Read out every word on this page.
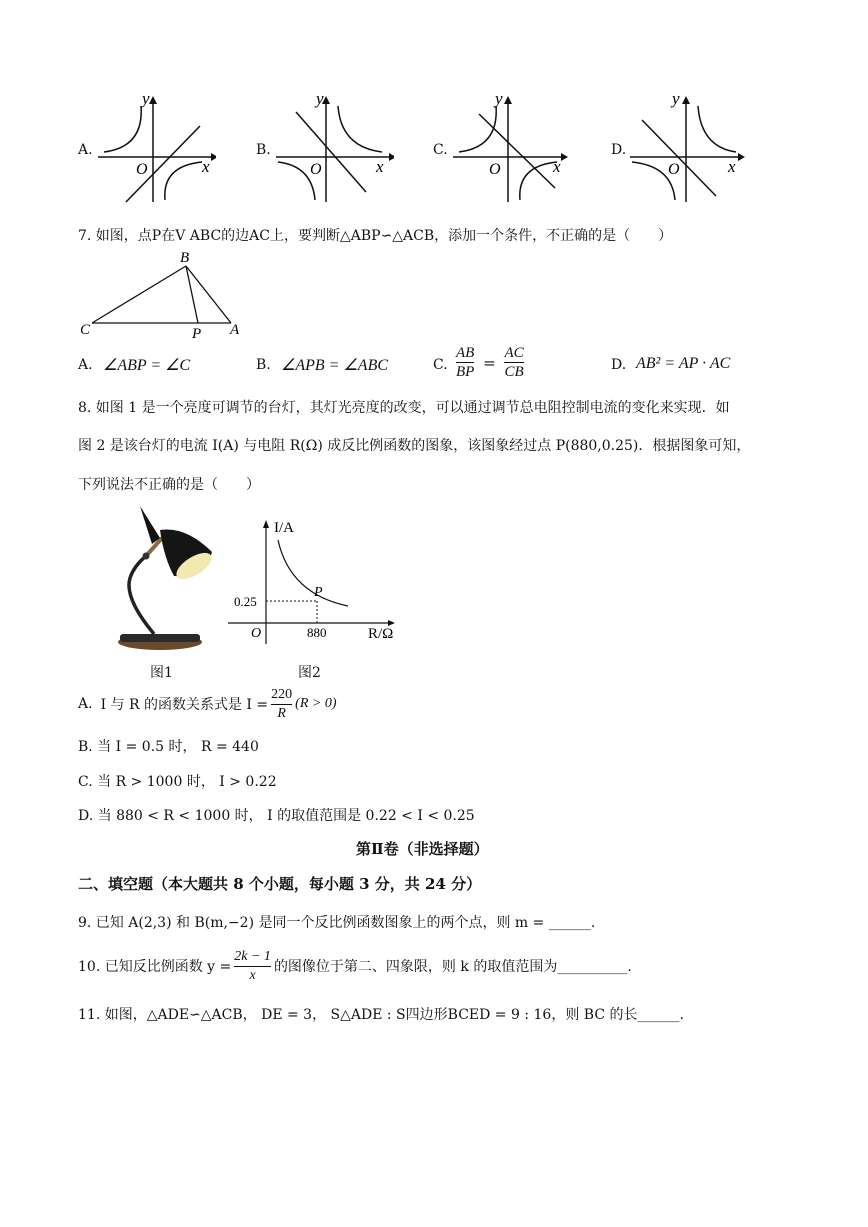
A.
y
x
O
B.
y
x
O
C.
y
x
O
D.
y
x
O
7. 如图，点P在V ABC的边AC上，要判断△ABP∽△ACB，添加一个条件，不正确的是（　　）
B
C	P A
A. ∠ABP = ∠C	B. ∠APB = ∠ABC	C. $\frac{AB}{BP} = \frac{AC}{CB}$	D. AB² = AP · AC
8. 如图 1 是一个亮度可调节的台灯，其灯光亮度的改变，可以通过调节总电阻控制电流的变化来实现．如
图 2 是该台灯的电流 I(A) 与电阻 R(Ω) 成反比例函数的图象，该图象经过点 P(880,0.25)．根据图象可知，
下列说法不正确的是（　　）
图1
I/A
R/Ω
O
P
0.25
880
图2
A. I 与 R 的函数关系式是 $I = \frac{220}{R} (R > 0)$
B. 当 I = 0.5 时， R = 440
C. 当 R > 1000 时， I > 0.22
D. 当 880 < R < 1000 时， I 的取值范围是 0.22 < I < 0.25
第Ⅱ卷（非选择题）
二、填空题（本大题共 8 个小题，每小题 3 分，共 24 分）
9. 已知 A(2,3) 和 B(m,−2) 是同一个反比例函数图象上的两个点，则 m = ______.
10. 已知反比例函数 $y = \frac{2k - 1}{x}$ 的图像位于第二、四象限，则 k 的取值范围为__________.
11. 如图，△ADE∽△ACB， DE = 3， S△ADE : S四边形BCED = 9 : 16，则 BC 的长______.
